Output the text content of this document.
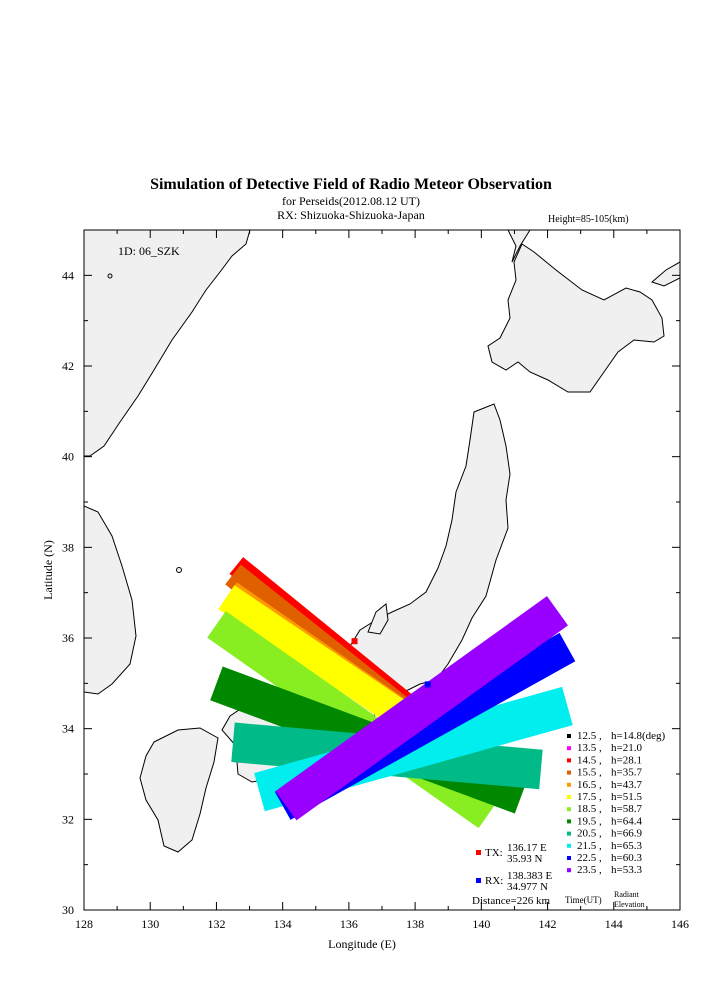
Simulation of Detective Field of Radio Meteor Observation
for Perseids(2012.08.12 UT)
RX: Shizuoka-Shizuoka-Japan	Height=85-105(km)
128	130	132	134	136	138	140	142	144	146
30
32
34
36
38
40
42
44
1D: 06_SZK
Longitude (E)
Latitude (N)
12.5 , h=14.8(deg)
13.5 , h=21.0
14.5 , h=28.1
15.5 , h=35.7
16.5 , h=43.7
17.5 , h=51.5
18.5 , h=58.7
19.5 , h=64.4
20.5 , h=66.9
21.5 , h=65.3
22.5 , h=60.3
23.5 , h=53.3
Time(UT)
Radiant
Elevation
TX: 136.17 E
35.93 N
RX: 138.383 E
34.977 N
Distance=226 km
